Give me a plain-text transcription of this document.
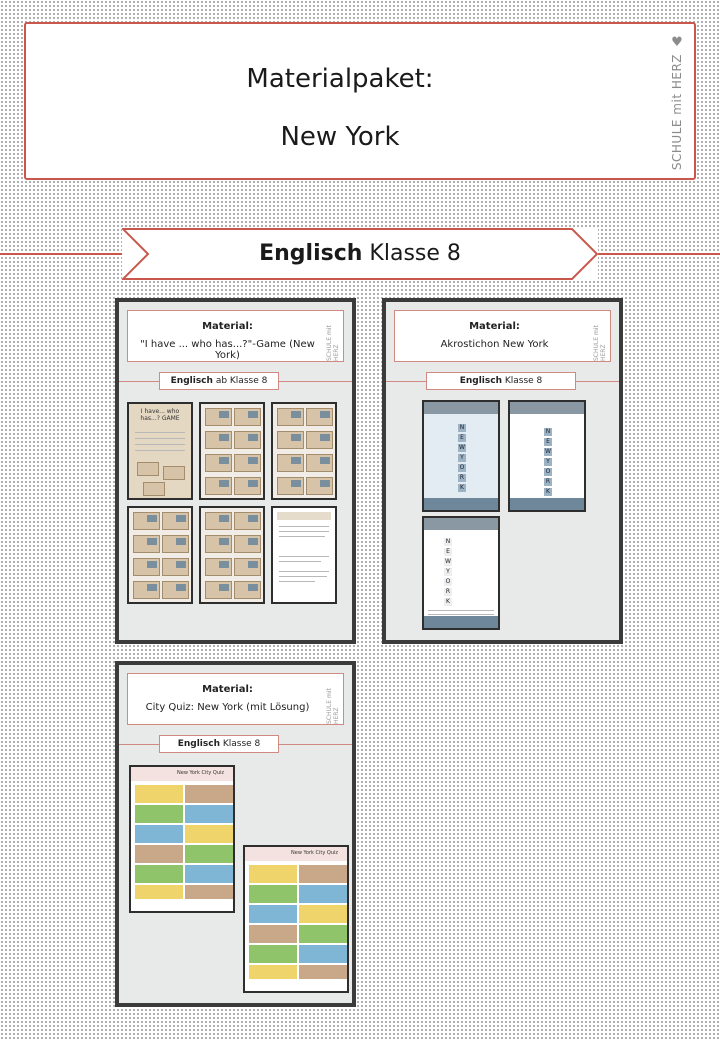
Materialpaket:
New York
♥
SCHULE mit HERZ
Englisch Klasse 8
Material:
"I have ... who has...?"-Game (New York)	SCHULE mit HERZ
Englisch ab Klasse 8
I have... who has...? GAME
Material:
Akrostichon New York	SCHULE mit HERZ
Englisch Klasse 8
N
E
W
Y
O
R
K
N
E
W
Y
O
R
K
N
E
W
Y
O
R
K
Material:
City Quiz: New York (mit Lösung)	SCHULE mit HERZ
Englisch Klasse 8
New York City Quiz
New York City Quiz
